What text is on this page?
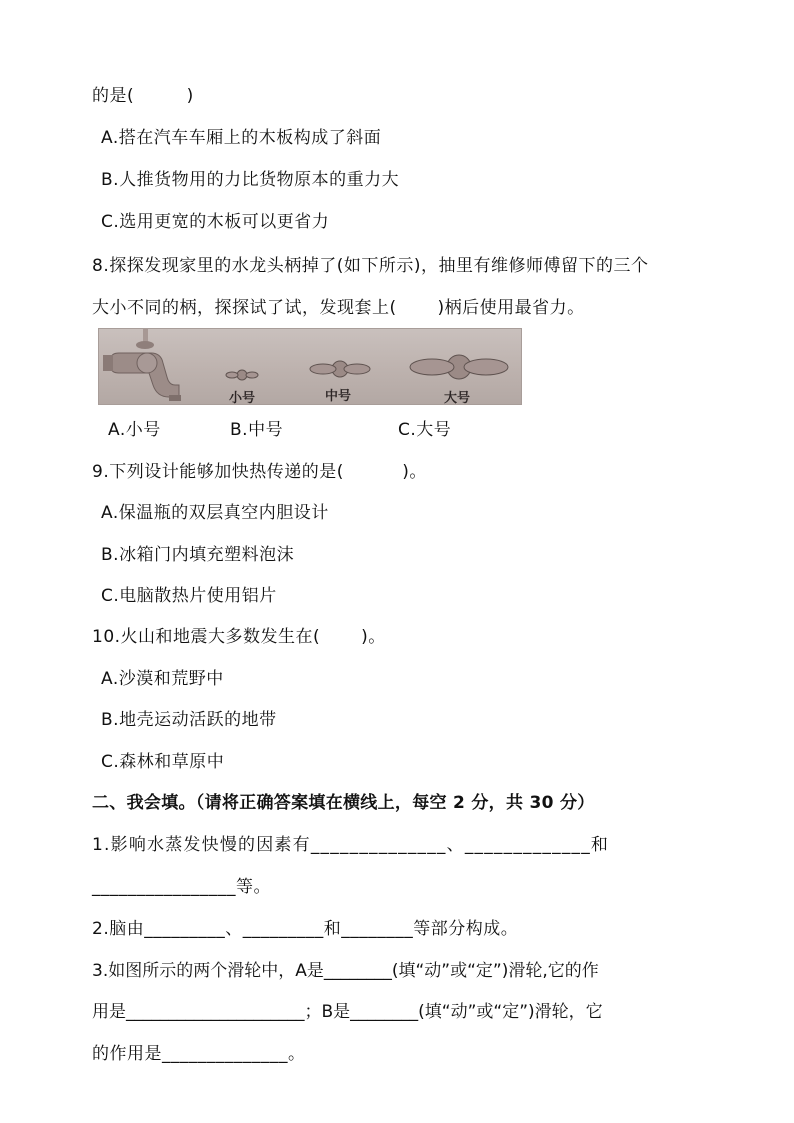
的是(　　　)
A.搭在汽车车厢上的木板构成了斜面
B.人推货物用的力比货物原本的重力大
C.选用更宽的木板可以更省力
8.探探发现家里的水龙头柄掉了(如下所示)，抽里有维修师傅留下的三个
大小不同的柄，探探试了试，发现套上(　　 )柄后使用最省力。
小号	中号	大号
A.小号	B.中号	C.大号
9.下列设计能够加快热传递的是(　　　 )。
A.保温瓶的双层真空内胆设计
B.冰箱门内填充塑料泡沫
C.电脑散热片使用铝片
10.火山和地震大多数发生在(　　 )。
A.沙漠和荒野中
B.地壳运动活跃的地带
C.森林和草原中
二、我会填。（请将正确答案填在横线上，每空 2 分，共 30 分）
1.影响水蒸发快慢的因素有______________、_____________和
________________等。
2.脑由_________、_________和________等部分构成。
3.如图所示的两个滑轮中，A是________(填“动”或“定”)滑轮,它的作
用是_____________________；B是________(填“动”或“定”)滑轮，它
的作用是______________。
